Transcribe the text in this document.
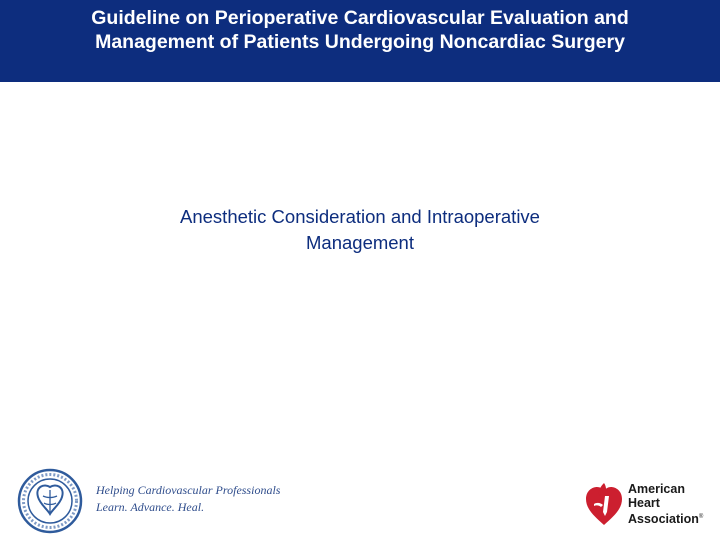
Guideline on Perioperative Cardiovascular Evaluation and
Management of Patients Undergoing Noncardiac Surgery
Anesthetic Consideration and Intraoperative
Management
Helping Cardiovascular Professionals
Learn. Advance. Heal.
American
Heart
Association®
